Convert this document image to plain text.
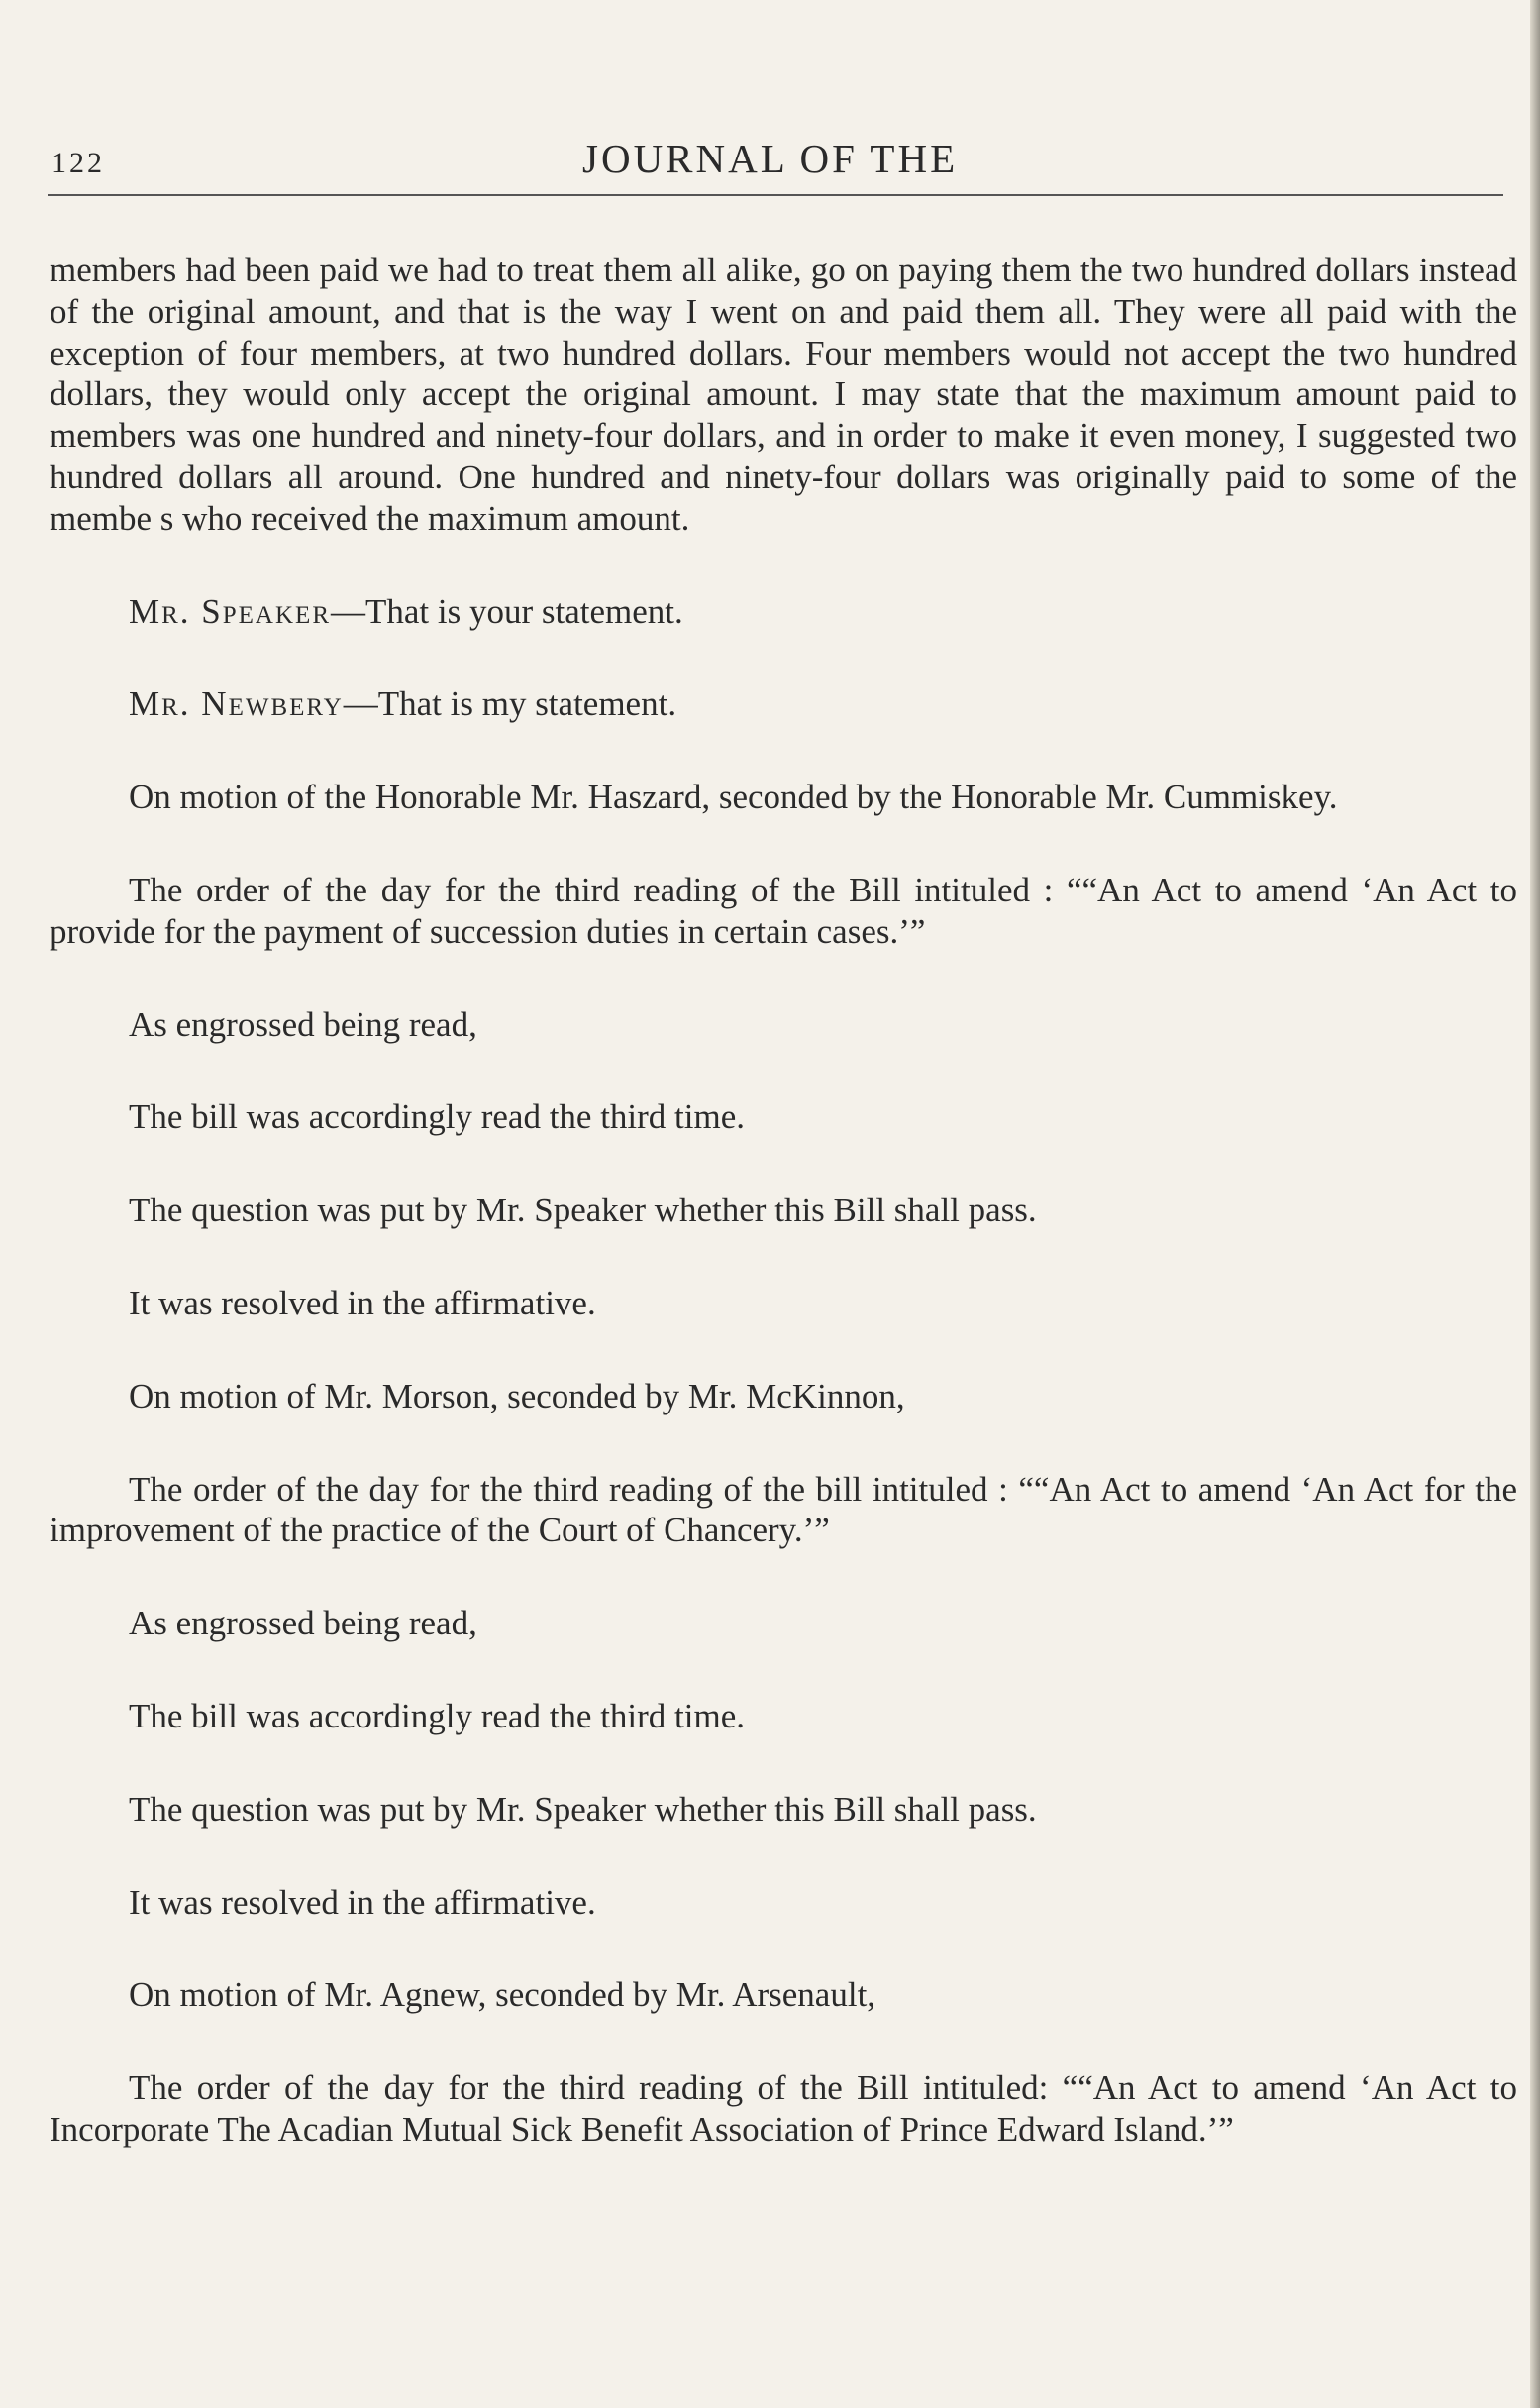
122	JOURNAL OF THE

members had been paid we had to treat them all alike, go on paying them the two hundred dollars instead of the original amount, and that is the way I went on and paid them all. They were all paid with the exception of four members, at two hundred dollars. Four members would not accept the two hundred dollars, they would only accept the original amount. I may state that the maximum amount paid to members was one hundred and ninety-four dollars, and in order to make it even money, I suggested two hundred dollars all around. One hundred and ninety-four dollars was originally paid to some of the membe s who received the maximum amount.

Mr. Speaker—That is your statement.

Mr. Newbery—That is my statement.

On motion of the Honorable Mr. Haszard, seconded by the Honorable Mr. Cummiskey.

The order of the day for the third reading of the Bill intituled : ““An Act to amend ‘An Act to provide for the payment of succession duties in certain cases.’”

As engrossed being read,

The bill was accordingly read the third time.

The question was put by Mr. Speaker whether this Bill shall pass.

It was resolved in the affirmative.

On motion of Mr. Morson, seconded by Mr. McKinnon,

The order of the day for the third reading of the bill intituled : ““An Act to amend ‘An Act for the improvement of the practice of the Court of Chancery.’”

As engrossed being read,

The bill was accordingly read the third time.

The question was put by Mr. Speaker whether this Bill shall pass.

It was resolved in the affirmative.

On motion of Mr. Agnew, seconded by Mr. Arsenault,

The order of the day for the third reading of the Bill intituled: ““An Act to amend ‘An Act to Incorporate The Acadian Mutual Sick Benefit Association of Prince Edward Island.’”
